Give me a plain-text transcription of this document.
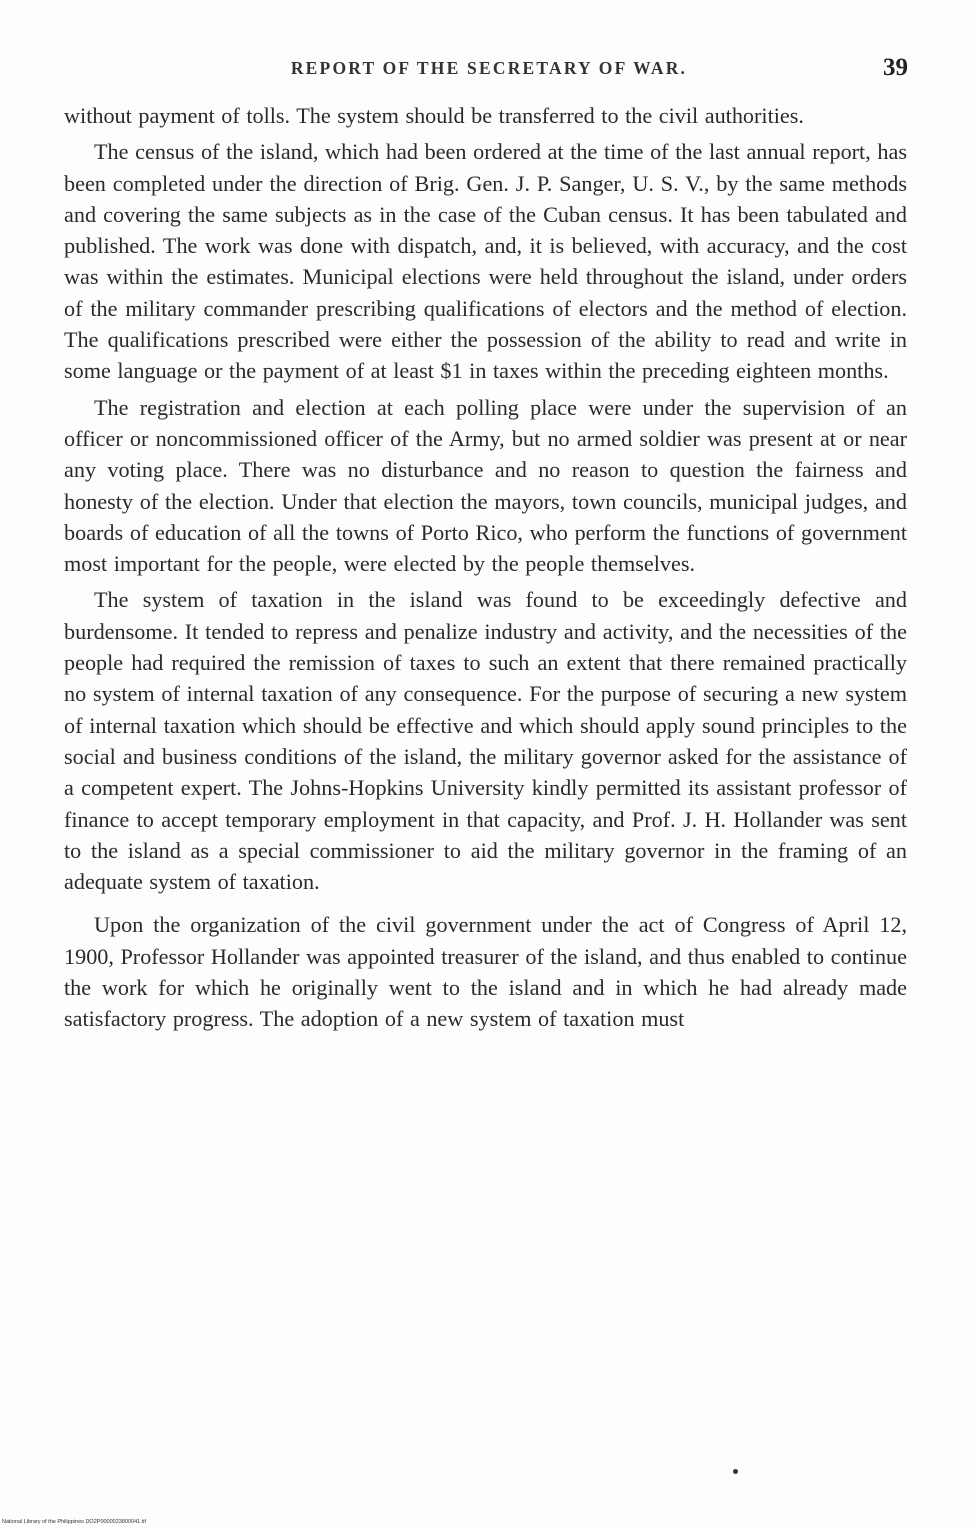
REPORT OF THE SECRETARY OF WAR.	39

without payment of tolls. The system should be transferred to the civil authorities.

The census of the island, which had been ordered at the time of the last annual report, has been completed under the direction of Brig. Gen. J. P. Sanger, U. S. V., by the same methods and covering the same subjects as in the case of the Cuban census. It has been tabulated and published. The work was done with dispatch, and, it is believed, with accuracy, and the cost was within the estimates. Municipal elections were held throughout the island, under orders of the military commander prescribing qualifications of electors and the method of election. The qualifications prescribed were either the possession of the ability to read and write in some language or the payment of at least $1 in taxes within the preceding eighteen months.

The registration and election at each polling place were under the supervision of an officer or noncommissioned officer of the Army, but no armed soldier was present at or near any voting place. There was no disturbance and no reason to question the fairness and honesty of the election. Under that election the mayors, town councils, municipal judges, and boards of education of all the towns of Porto Rico, who perform the functions of government most important for the people, were elected by the people themselves.

The system of taxation in the island was found to be exceedingly defective and burdensome. It tended to repress and penalize industry and activity, and the necessities of the people had required the remission of taxes to such an extent that there remained practically no system of internal taxation of any consequence. For the purpose of securing a new system of internal taxation which should be effective and which should apply sound principles to the social and business conditions of the island, the military governor asked for the assistance of a competent expert. The Johns-Hopkins University kindly permitted its assistant professor of finance to accept temporary employment in that capacity, and Prof. J. H. Hollander was sent to the island as a special commissioner to aid the military governor in the framing of an adequate system of taxation.

Upon the organization of the civil government under the act of Congress of April 12, 1900, Professor Hollander was appointed treasurer of the island, and thus enabled to continue the work for which he originally went to the island and in which he had already made satisfactory progress. The adoption of a new system of taxation must

National Library of the Philippines DO2P0000023800041.tif
